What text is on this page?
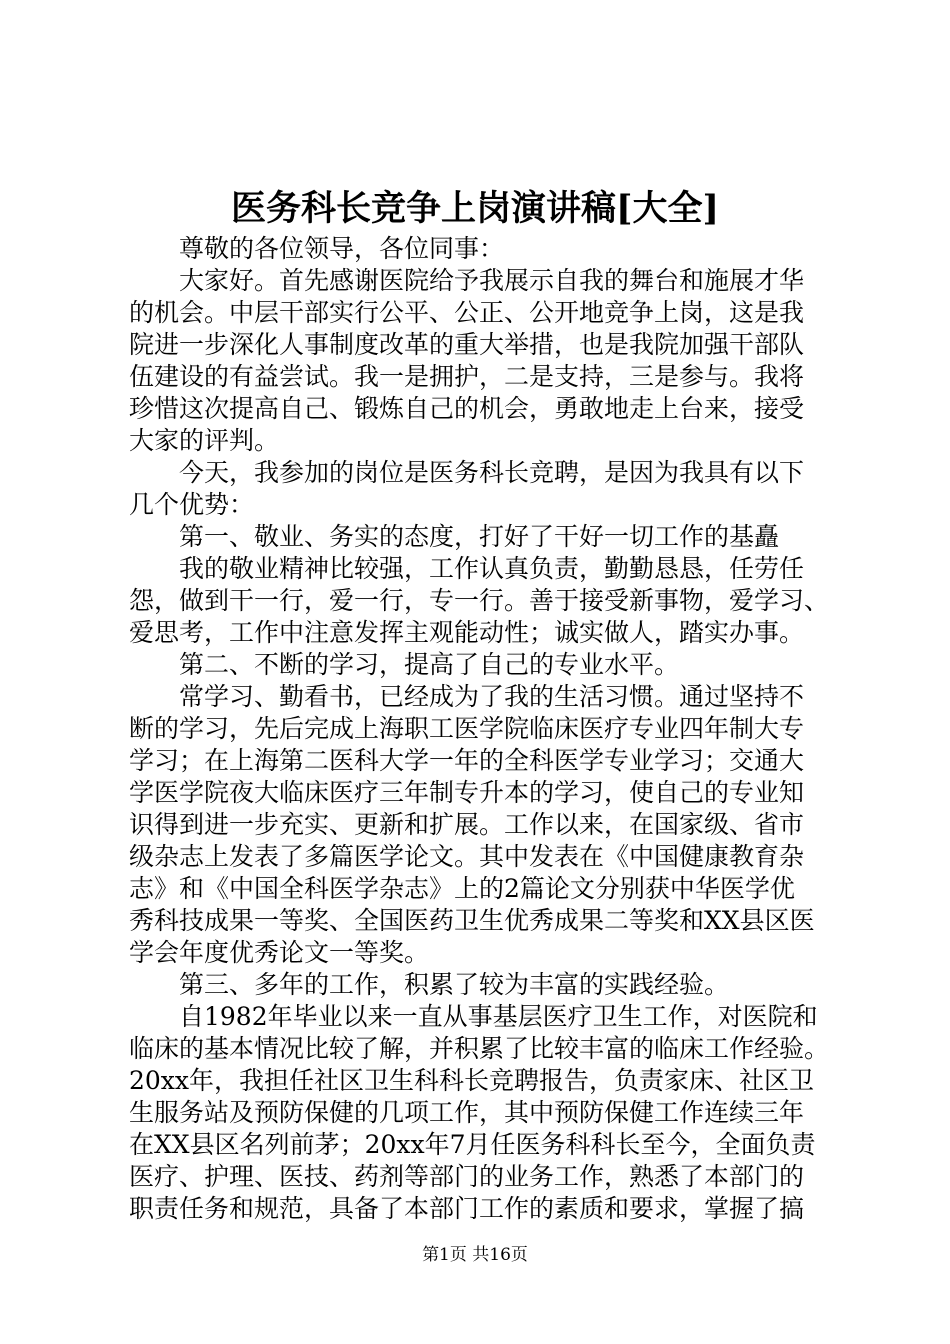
医务科长竞争上岗演讲稿[大全]
尊敬的各位领导，各位同事：
大家好。首先感谢医院给予我展示自我的舞台和施展才华
的机会。中层干部实行公平、公正、公开地竞争上岗，这是我
院进一步深化人事制度改革的重大举措，也是我院加强干部队
伍建设的有益尝试。我一是拥护，二是支持，三是参与。我将
珍惜这次提高自己、锻炼自己的机会，勇敢地走上台来，接受
大家的评判。
今天，我参加的岗位是医务科长竞聘，是因为我具有以下
几个优势：
第一、敬业、务实的态度，打好了干好一切工作的基矗
我的敬业精神比较强，工作认真负责，勤勤恳恳，任劳任
怨，做到干一行，爱一行，专一行。善于接受新事物，爱学习、
爱思考，工作中注意发挥主观能动性；诚实做人，踏实办事。
第二、不断的学习，提高了自己的专业水平。
常学习、勤看书，已经成为了我的生活习惯。通过坚持不
断的学习，先后完成上海职工医学院临床医疗专业四年制大专
学习；在上海第二医科大学一年的全科医学专业学习；交通大
学医学院夜大临床医疗三年制专升本的学习，使自己的专业知
识得到进一步充实、更新和扩展。工作以来，在国家级、省市
级杂志上发表了多篇医学论文。其中发表在《中国健康教育杂
志》和《中国全科医学杂志》上的2篇论文分别获中华医学优
秀科技成果一等奖、全国医药卫生优秀成果二等奖和XX县区医
学会年度优秀论文一等奖。
第三、多年的工作，积累了较为丰富的实践经验。
自1982年毕业以来一直从事基层医疗卫生工作，对医院和
临床的基本情况比较了解，并积累了比较丰富的临床工作经验。
20xx年，我担任社区卫生科科长竞聘报告，负责家床、社区卫
生服务站及预防保健的几项工作，其中预防保健工作连续三年
在XX县区名列前茅；20xx年7月任医务科科长至今，全面负责
医疗、护理、医技、药剂等部门的业务工作，熟悉了本部门的
职责任务和规范，具备了本部门工作的素质和要求，掌握了搞
第1页 共16页
